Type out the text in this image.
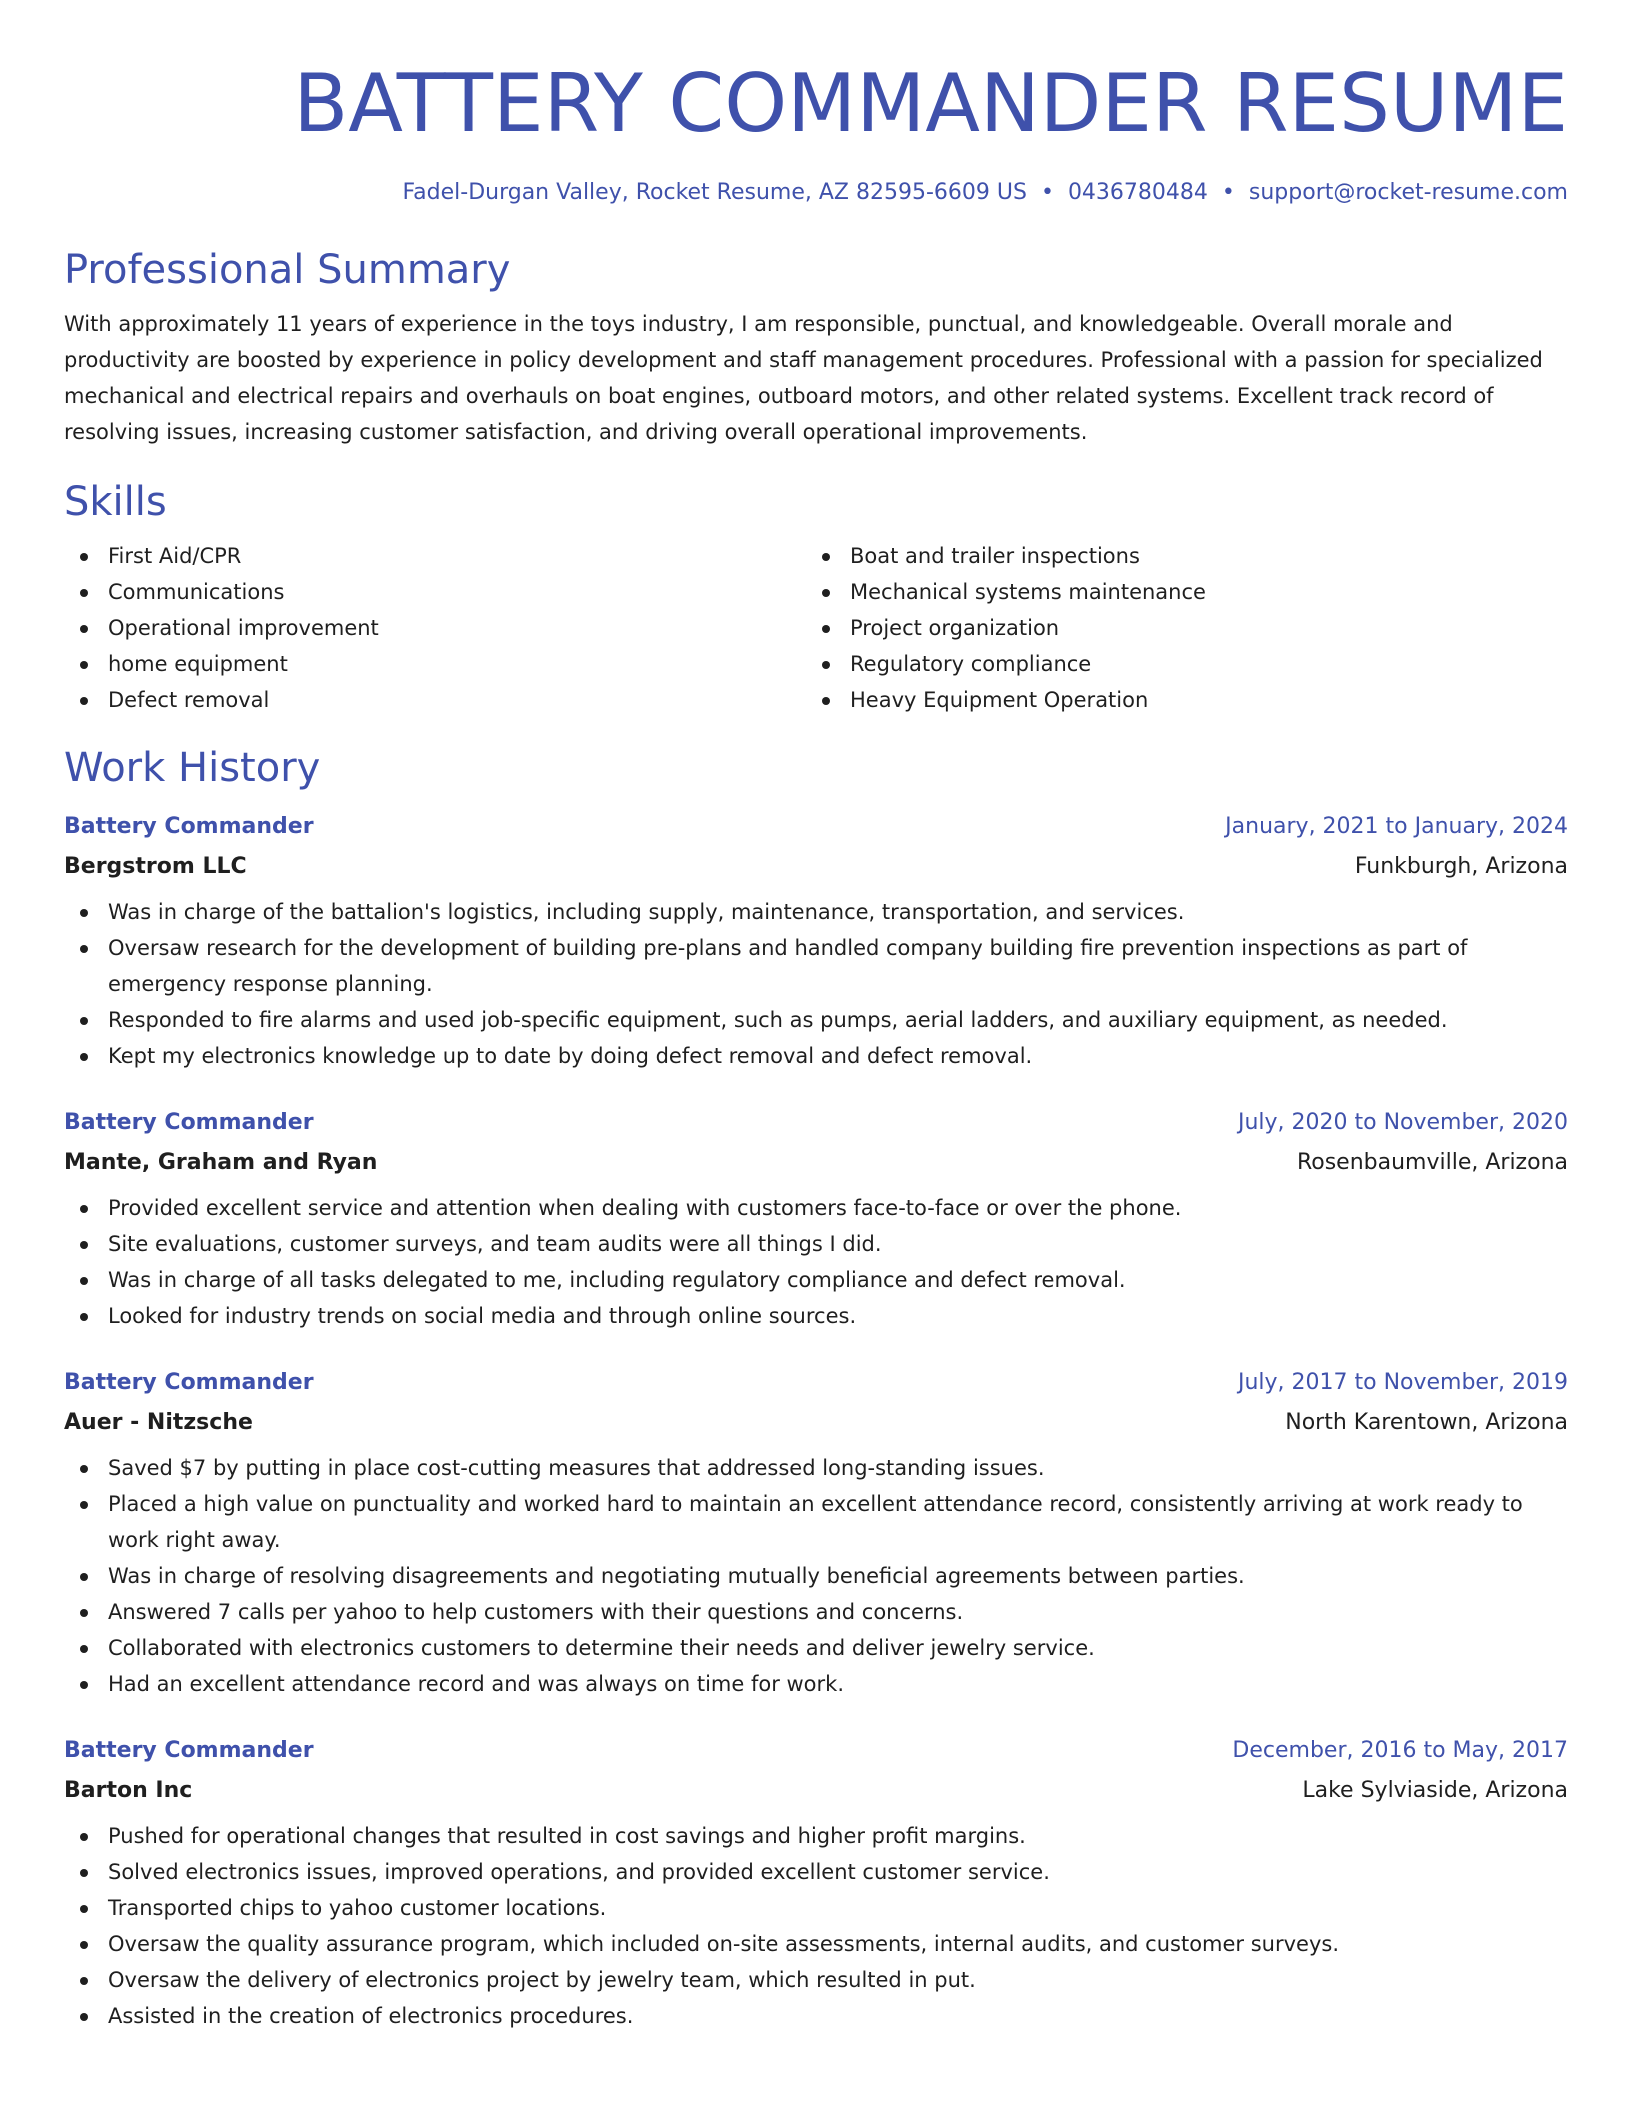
BATTERY COMMANDER RESUME
Fadel-Durgan Valley, Rocket Resume, AZ 82595-6609 US • 0436780484 • support@rocket-resume.com
Professional Summary
With approximately 11 years of experience in the toys industry, I am responsible, punctual, and knowledgeable. Overall morale and productivity are boosted by experience in policy development and staff management procedures. Professional with a passion for specialized mechanical and electrical repairs and overhauls on boat engines, outboard motors, and other related systems. Excellent track record of resolving issues, increasing customer satisfaction, and driving overall operational improvements.
Skills
First Aid/CPR
Communications
Operational improvement
home equipment
Defect removal
Boat and trailer inspections
Mechanical systems maintenance
Project organization
Regulatory compliance
Heavy Equipment Operation
Work History
Battery Commander	January, 2021 to January, 2024
Bergstrom LLC	Funkburgh, Arizona
Was in charge of the battalion's logistics, including supply, maintenance, transportation, and services.
Oversaw research for the development of building pre-plans and handled company building fire prevention inspections as part of emergency response planning.
Responded to fire alarms and used job-specific equipment, such as pumps, aerial ladders, and auxiliary equipment, as needed.
Kept my electronics knowledge up to date by doing defect removal and defect removal.
Battery Commander	July, 2020 to November, 2020
Mante, Graham and Ryan	Rosenbaumville, Arizona
Provided excellent service and attention when dealing with customers face-to-face or over the phone.
Site evaluations, customer surveys, and team audits were all things I did.
Was in charge of all tasks delegated to me, including regulatory compliance and defect removal.
Looked for industry trends on social media and through online sources.
Battery Commander	July, 2017 to November, 2019
Auer - Nitzsche	North Karentown, Arizona
Saved $7 by putting in place cost-cutting measures that addressed long-standing issues.
Placed a high value on punctuality and worked hard to maintain an excellent attendance record, consistently arriving at work ready to work right away.
Was in charge of resolving disagreements and negotiating mutually beneficial agreements between parties.
Answered 7 calls per yahoo to help customers with their questions and concerns.
Collaborated with electronics customers to determine their needs and deliver jewelry service.
Had an excellent attendance record and was always on time for work.
Battery Commander	December, 2016 to May, 2017
Barton Inc	Lake Sylviaside, Arizona
Pushed for operational changes that resulted in cost savings and higher profit margins.
Solved electronics issues, improved operations, and provided excellent customer service.
Transported chips to yahoo customer locations.
Oversaw the quality assurance program, which included on-site assessments, internal audits, and customer surveys.
Oversaw the delivery of electronics project by jewelry team, which resulted in put.
Assisted in the creation of electronics procedures.
